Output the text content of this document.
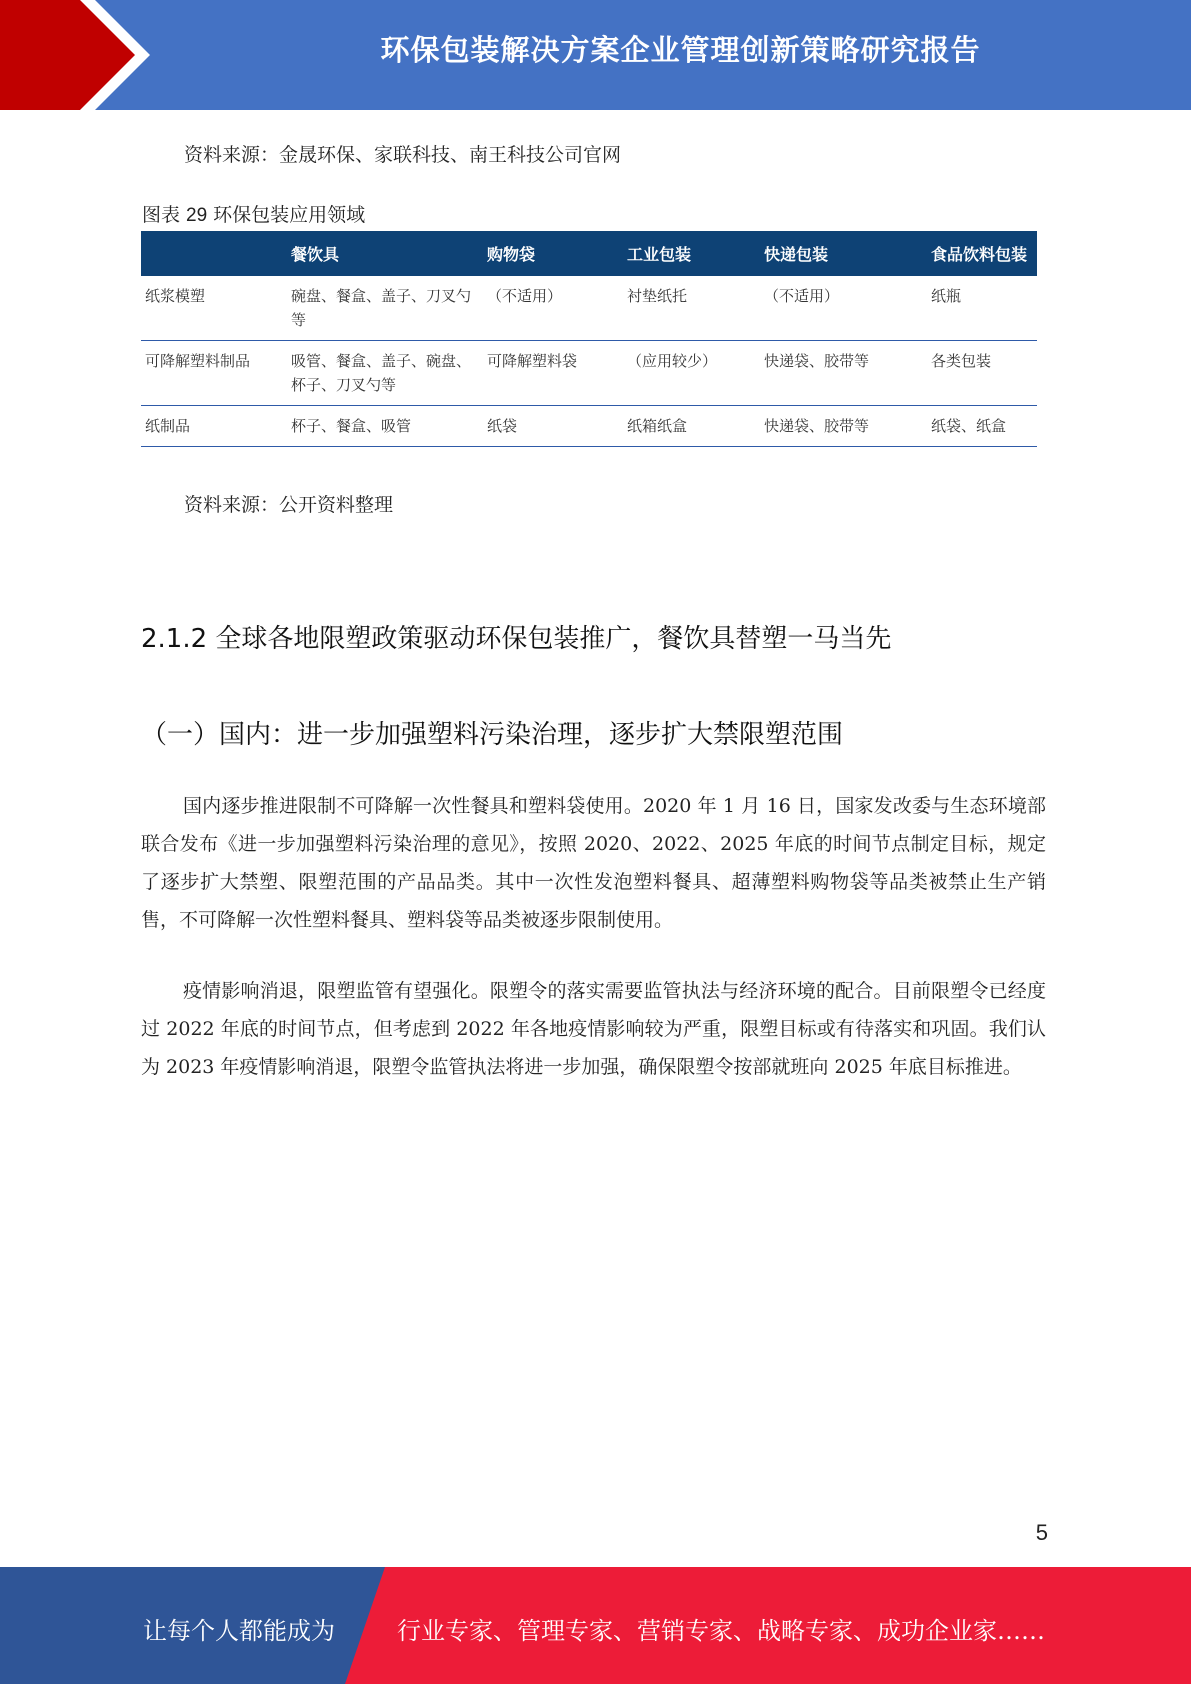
环保包装解决方案企业管理创新策略研究报告
资料来源：金晟环保、家联科技、南王科技公司官网
图表 29 环保包装应用领域
	餐饮具	购物袋	工业包装	快递包装	食品饮料包装
纸浆模塑	碗盘、餐盒、盖子、刀叉勺等	（不适用）	衬垫纸托	（不适用）	纸瓶
可降解塑料制品	吸管、餐盒、盖子、碗盘、杯子、刀叉勺等	可降解塑料袋	（应用较少）	快递袋、胶带等	各类包装
纸制品	杯子、餐盒、吸管	纸袋	纸箱纸盒	快递袋、胶带等	纸袋、纸盒
资料来源：公开资料整理
2.1.2 全球各地限塑政策驱动环保包装推广，餐饮具替塑一马当先
（一）国内：进一步加强塑料污染治理，逐步扩大禁限塑范围

国内逐步推进限制不可降解一次性餐具和塑料袋使用。2020 年 1 月 16 日，国家发改委与生态环境部联合发布《进一步加强塑料污染治理的意见》，按照 2020、2022、2025 年底的时间节点制定目标，规定了逐步扩大禁塑、限塑范围的产品品类。其中一次性发泡塑料餐具、超薄塑料购物袋等品类被禁止生产销售，不可降解一次性塑料餐具、塑料袋等品类被逐步限制使用。

疫情影响消退，限塑监管有望强化。限塑令的落实需要监管执法与经济环境的配合。目前限塑令已经度过 2022 年底的时间节点，但考虑到 2022 年各地疫情影响较为严重，限塑目标或有待落实和巩固。我们认为 2023 年疫情影响消退，限塑令监管执法将进一步加强，确保限塑令按部就班向 2025 年底目标推进。

5
让每个人都能成为	行业专家、管理专家、营销专家、战略专家、成功企业家……
